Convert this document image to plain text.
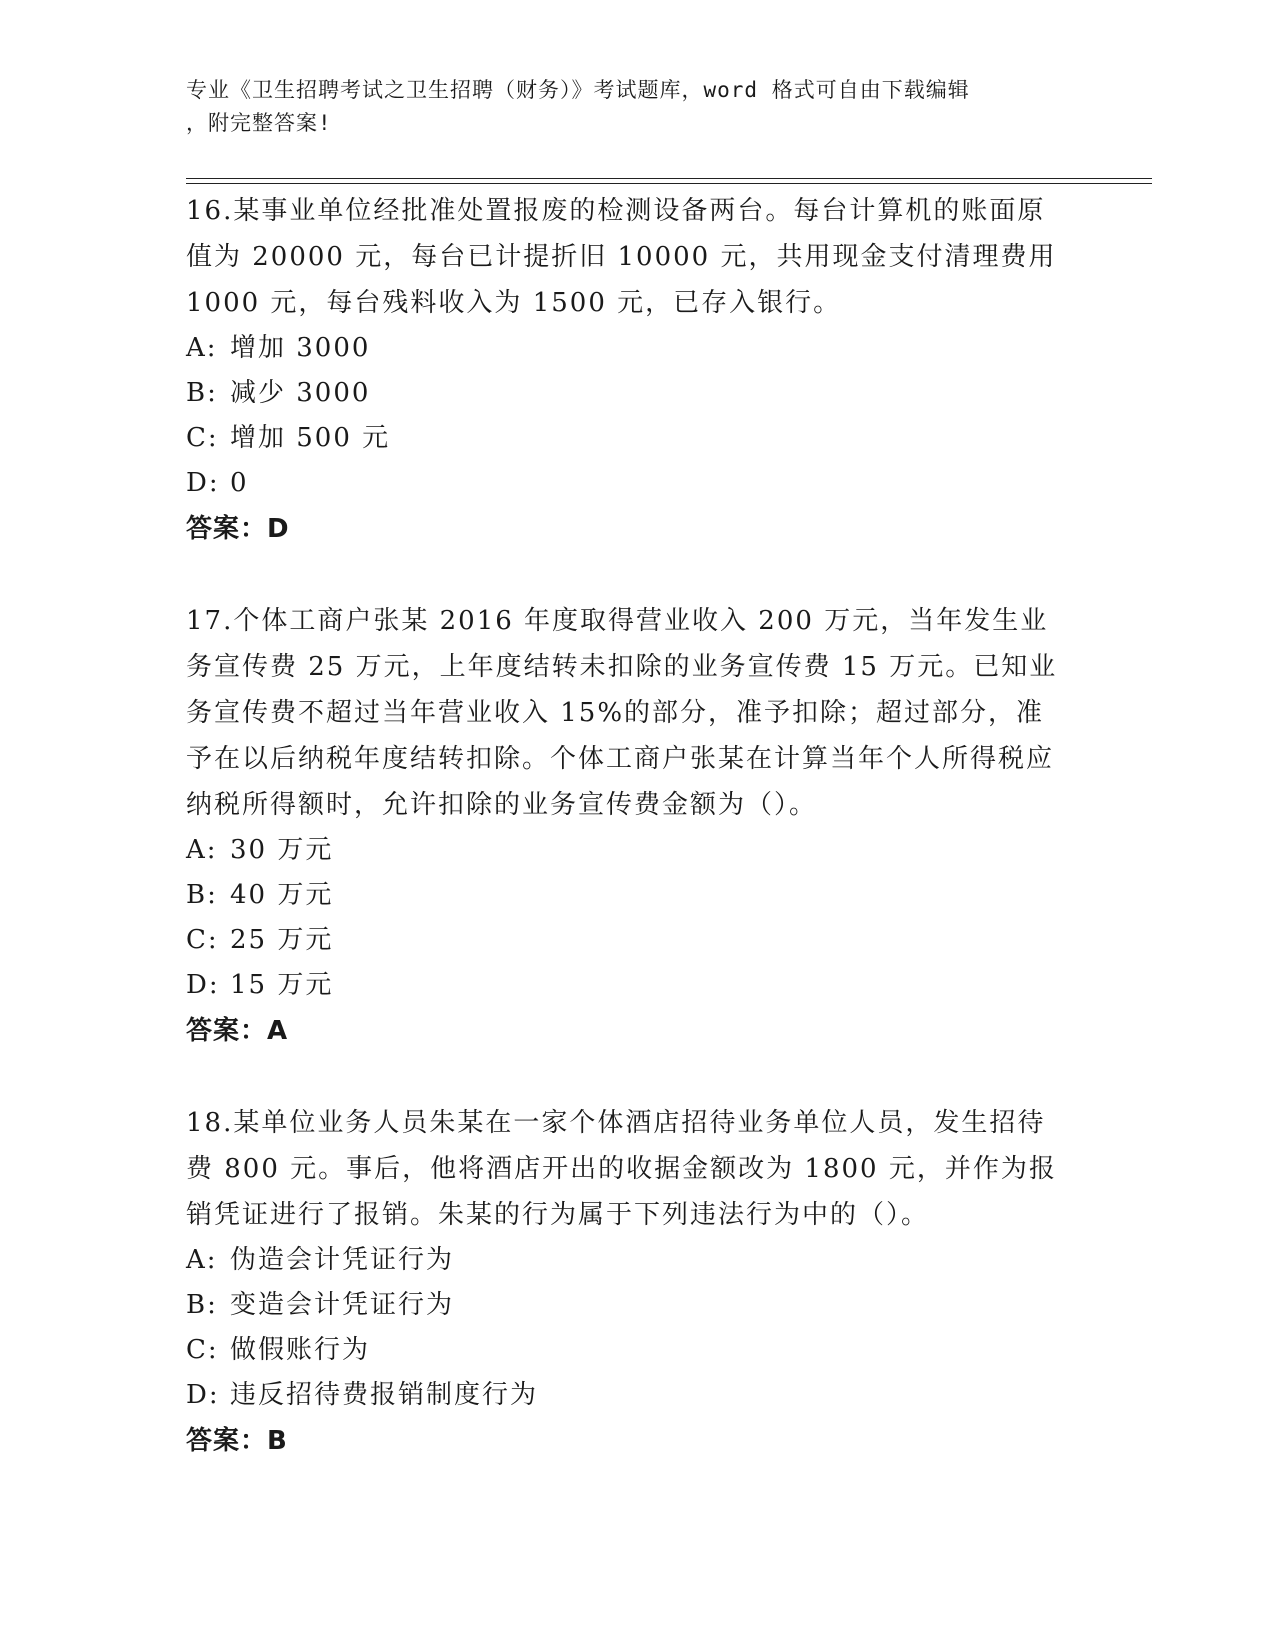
专业《卫生招聘考试之卫生招聘（财务）》考试题库，word 格式可自由下载编辑
，附完整答案!

16.某事业单位经批准处置报废的检测设备两台。每台计算机的账面原值为 20000 元，每台已计提折旧 10000 元，共用现金支付清理费用 1000 元，每台残料收入为 1500 元，已存入银行。

A: 增加 3000

B: 减少 3000

C: 增加 500 元

D: 0

答案：D

17.个体工商户张某 2016 年度取得营业收入 200 万元，当年发生业务宣传费 25 万元，上年度结转未扣除的业务宣传费 15 万元。已知业务宣传费不超过当年营业收入 15%的部分，准予扣除；超过部分，准予在以后纳税年度结转扣除。个体工商户张某在计算当年个人所得税应纳税所得额时，允许扣除的业务宣传费金额为（）。

A: 30 万元

B: 40 万元

C: 25 万元

D: 15 万元

答案：A

18.某单位业务人员朱某在一家个体酒店招待业务单位人员，发生招待费 800 元。事后，他将酒店开出的收据金额改为 1800 元，并作为报销凭证进行了报销。朱某的行为属于下列违法行为中的（）。

A: 伪造会计凭证行为

B: 变造会计凭证行为

C: 做假账行为

D: 违反招待费报销制度行为

答案：B
